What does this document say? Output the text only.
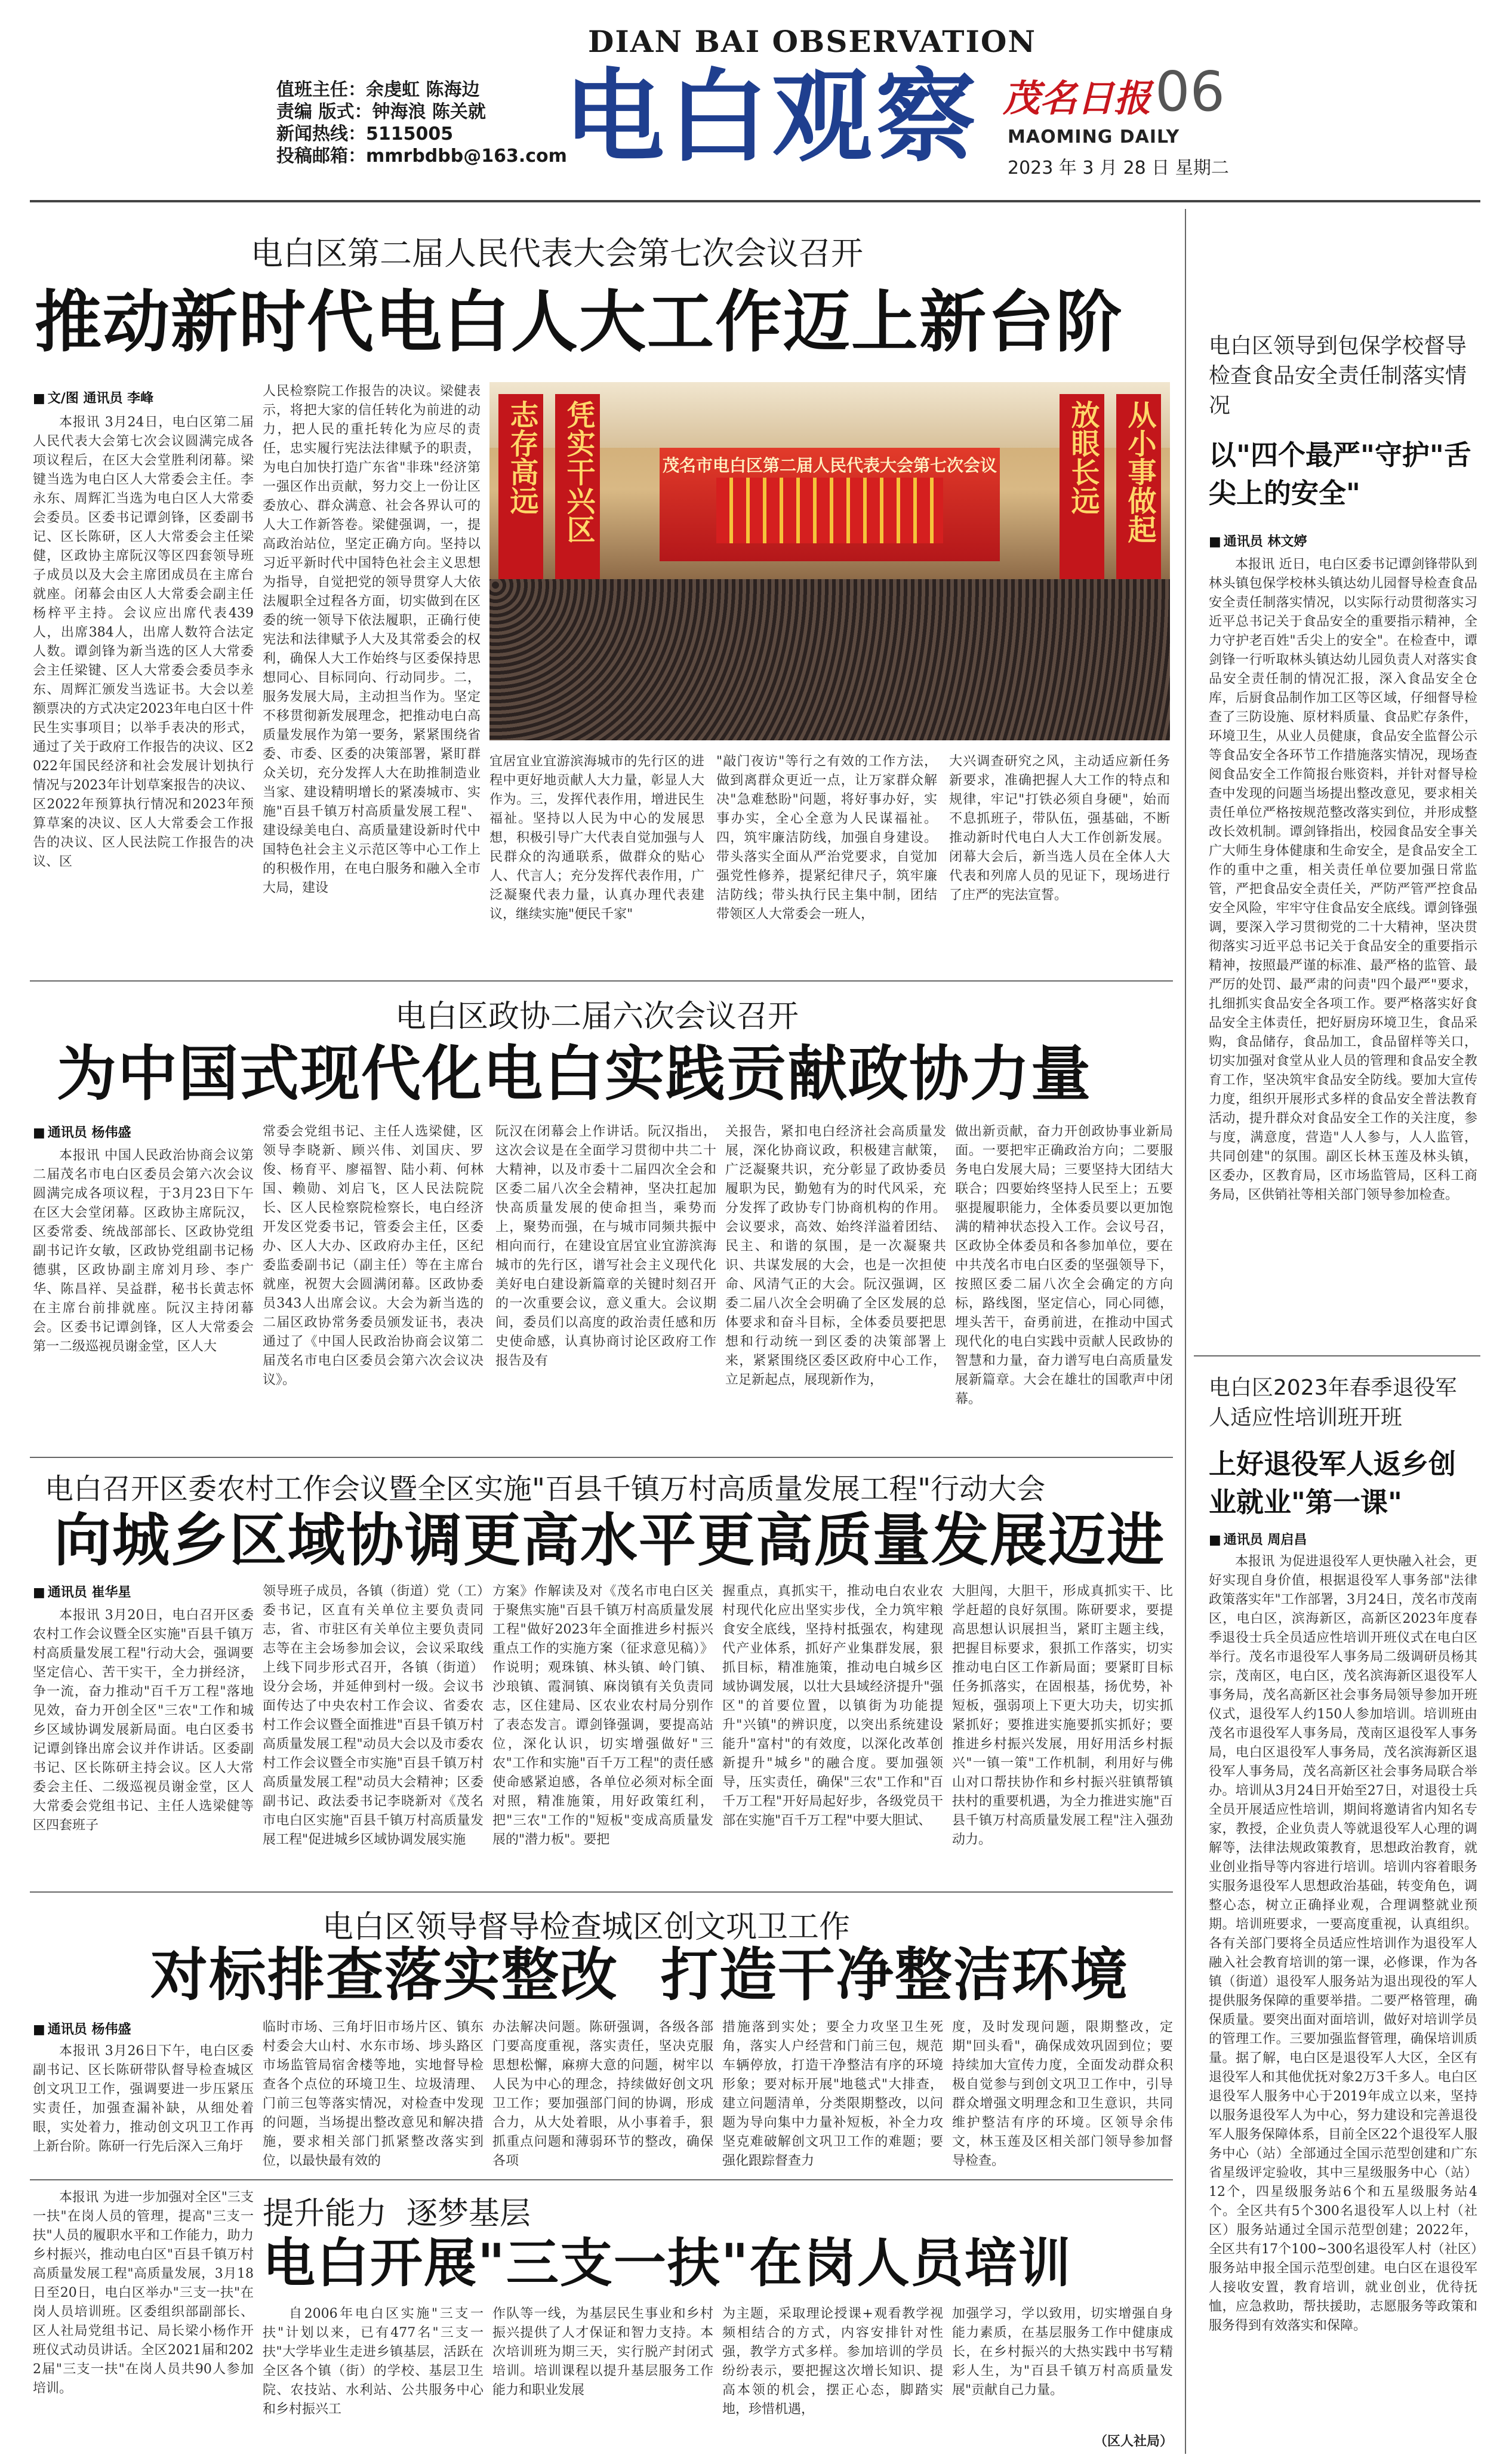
DIAN BAI OBSERVATION
值班主任：余虔虹 陈海边
责编 版式：钟海浪 陈关就
新闻热线：5115005
投稿邮箱：mmrbdbb@163.com
电白观察 茂名日报 06
MAOMING DAILY
2023 年 3 月 28 日 星期二
电白区第二届人民代表大会第七次会议召开
推动新时代电白人大工作迈上新台阶
■ 文/图 通讯员 李峰

本报讯 3月24日，电白区第二届人民代表大会第七次会议圆满完成各项议程后，在区大会堂胜利闭幕。梁键当选为电白区人大常委会主任。李永东、周辉汇当选为电白区人大常委会委员。区委书记谭剑锋，区委副书记、区长陈研，区人大常委会主任梁健，区政协主席阮汉等区四套领导班子成员以及大会主席团成员在主席台就座。闭幕会由区人大常委会副主任杨梓平主持。会议应出席代表439人，出席384人，出席人数符合法定人数。谭剑锋为新当选的区人大常委会主任梁键、区人大常委会委员李永东、周辉汇颁发当选证书。大会以差额票决的方式决定2023年电白区十件民生实事项目；以举手表决的形式，通过了关于政府工作报告的决议、区2022年国民经济和社会发展计划执行情况与2023年计划草案报告的决议、区2022年预算执行情况和2023年预算草案的决议、区人大常委会工作报告的决议、区人民法院工作报告的决议、区

人民检察院工作报告的决议。梁健表示，将把大家的信任转化为前进的动力，把人民的重托转化为应尽的责任，忠实履行宪法法律赋予的职责，为电白加快打造广东省"非珠"经济第一强区作出贡献，努力交上一份让区委放心、群众满意、社会各界认可的人大工作新答卷。梁健强调，一，提高政治站位，坚定正确方向。坚持以习近平新时代中国特色社会主义思想为指导，自觉把党的领导贯穿人大依法履职全过程各方面，切实做到在区委的统一领导下依法履职，正确行使宪法和法律赋予人大及其常委会的权利，确保人大工作始终与区委保持思想同心、目标同向、行动同步。二，服务发展大局，主动担当作为。坚定不移贯彻新发展理念，把推动电白高质量发展作为第一要务，紧紧围绕省委、市委、区委的决策部署，紧盯群众关切，充分发挥人大在助推制造业当家、建设精明增长的紧凑城市、实施"百县千镇万村高质量发展工程"、建设绿美电白、高质量建设新时代中国特色社会主义示范区等中心工作上的积极作用，在电白服务和融入全市大局，建设

茂名市电白区第二届人民代表大会第七次会议
志存高远 凭实干兴区	放眼长远 从小事做起

宜居宜业宜游滨海城市的先行区的进程中更好地贡献人大力量，彰显人大作为。三，发挥代表作用，增进民生福祉。坚持以人民为中心的发展思想，积极引导广大代表自觉加强与人民群众的沟通联系，做群众的贴心人、代言人；充分发挥代表作用，广泛凝聚代表力量，认真办理代表建议，继续实施"便民千家"

"敲门夜访"等行之有效的工作方法，做到离群众更近一点，让万家群众解决"急难愁盼"问题，将好事办好，实事办实，全心全意为人民谋福祉。四，筑牢廉洁防线，加强自身建设。带头落实全面从严治党要求，自觉加强党性修养，提紧纪律尺子，筑牢廉洁防线；带头执行民主集中制，团结带领区人大常委会一班人，

大兴调查研究之风，主动适应新任务新要求，准确把握人大工作的特点和规律，牢记"打铁必须自身硬"，始而不息抓班子，带队伍，强基础，不断推动新时代电白人大工作创新发展。闭幕大会后，新当选人员在全体人大代表和列席人员的见证下，现场进行了庄严的宪法宣誓。

电白区政协二届六次会议召开
为中国式现代化电白实践贡献政协力量
■ 通讯员 杨伟盛

本报讯 中国人民政治协商会议第二届茂名市电白区委员会第六次会议圆满完成各项议程，于3月23日下午在区大会堂闭幕。区政协主席阮汉，区委常委、统战部部长、区政协党组副书记许女敏，区政协党组副书记杨德骐，区政协副主席刘月珍、李广华、陈昌祥、吴益群，秘书长黄志怀在主席台前排就座。阮汉主持闭幕会。区委书记谭剑锋，区人大常委会第一二级巡视员谢金堂，区人大

常委会党组书记、主任人选梁健，区领导李晓新、顾兴伟、刘国庆、罗俊、杨育平、廖福智、陆小莉、何林国、赖勋、刘启飞，区人民法院院长、区人民检察院检察长，电白经济开发区党委书记，管委会主任，区委办、区人大办、区政府办主任，区纪委监委副书记（副主任）等在主席台就座，祝贺大会圆满闭幕。区政协委员343人出席会议。大会为新当选的二届区政协常务委员颁发证书，表决通过了《中国人民政治协商会议第二届茂名市电白区委员会第六次会议决议》。

阮汉在闭幕会上作讲话。阮汉指出，这次会议是在全面学习贯彻中共二十大精神，以及市委十二届四次全会和区委二届八次全会精神，坚决扛起加快高质量发展的使命担当，乘势而上，聚势而强，在与城市同频共振中相向而行，在建设宜居宜业宜游滨海城市的先行区，谱写社会主义现代化美好电白建设新篇章的关键时刻召开的一次重要会议，意义重大。会议期间，委员们以高度的政治责任感和历史使命感，认真协商讨论区政府工作报告及有

关报告，紧扣电白经济社会高质量发展，深化协商议政，积极建言献策，广泛凝聚共识，充分彰显了政协委员履职为民，勤勉有为的时代风采，充分发挥了政协专门协商机构的作用。会议要求，高效、始终洋溢着团结、民主、和谐的氛围，是一次凝聚共识、共谋发展的大会，也是一次担使命、风清气正的大会。阮汉强调，区委二届八次全会明确了全区发展的总体要求和奋斗目标，全体委员要把思想和行动统一到区委的决策部署上来，紧紧围绕区委区政府中心工作，立足新起点，展现新作为，

做出新贡献，奋力开创政协事业新局面。一要把牢正确政治方向；二要服务电白发展大局；三要坚持大团结大联合；四要始终坚持人民至上；五要驱提履职能力，全体委员要以更加饱满的精神状态投入工作。会议号召，区政协全体委员和各参加单位，要在中共茂名市电白区委的坚强领导下，按照区委二届八次全会确定的方向标，路线图，坚定信心，同心同德，埋头苦干，奋勇前进，在推动中国式现代化的电白实践中贡献人民政协的智慧和力量，奋力谱写电白高质量发展新篇章。大会在雄壮的国歌声中闭幕。

电白召开区委农村工作会议暨全区实施"百县千镇万村高质量发展工程"行动大会
向城乡区域协调更高水平更高质量发展迈进
■ 通讯员 崔华星

本报讯 3月20日，电白召开区委农村工作会议暨全区实施"百县千镇万村高质量发展工程"行动大会，强调要坚定信心、苦干实干，全力拼经济，争一流，奋力推动"百千万工程"落地见效，奋力开创全区"三农"工作和城乡区域协调发展新局面。电白区委书记谭剑锋出席会议并作讲话。区委副书记、区长陈研主持会议。区人大常委会主任、二级巡视员谢金堂，区人大常委会党组书记、主任人选梁健等区四套班子

领导班子成员，各镇（街道）党（工）委书记，区直有关单位主要负责同志，省、市驻区有关单位主要负责同志等在主会场参加会议，会议采取线上线下同步形式召开，各镇（街道）设分会场，并延伸到村一级。会议书面传达了中央农村工作会议、省委农村工作会议暨全面推进"百县千镇万村高质量发展工程"动员大会以及市委农村工作会议暨全市实施"百县千镇万村高质量发展工程"动员大会精神；区委副书记、政法委书记李晓新对《茂名市电白区实施"百县千镇万村高质量发展工程"促进城乡区域协调发展实施

方案》作解读及对《茂名市电白区关于聚焦实施"百县千镇万村高质量发展工程"做好2023年全面推进乡村振兴重点工作的实施方案（征求意见稿）》作说明；观珠镇、林头镇、岭门镇、沙琅镇、霞洞镇、麻岗镇有关负责同志，区住建局、区农业农村局分别作了表态发言。谭剑锋强调，要提高站位，深化认识，切实增强做好"三农"工作和实施"百千万工程"的责任感使命感紧迫感，各单位必须对标全面对照，精准施策，用好政策红利，把"三农"工作的"短板"变成高质量发展的"潜力板"。要把

握重点，真抓实干，推动电白农业农村现代化应出坚实步伐，全力筑牢粮食安全底线，坚持村抵强农，构建现代产业体系，抓好产业集群发展，狠抓目标，精准施策，推动电白城乡区域协调发展，以壮大县域经济提升"强区"的首要位置，以镇街为功能提升"兴镇"的辨识度，以突出系统建设能升"富村"的有效度，以深化改革创新提升"城乡"的融合度。要加强领导，压实责任，确保"三农"工作和"百千万工程"开好局起好步，各级党员干部在实施"百千万工程"中要大胆试、

大胆闯，大胆干，形成真抓实干、比学赶超的良好氛围。陈研要求，要提高思想认识展担当，紧盯主题主线，把握目标要求，狠抓工作落实，切实推动电白区工作新局面；要紧盯目标任务抓落实，在固根基，扬优势，补短板，强弱项上下更大功夫，切实抓紧抓好；要推进实施要抓实抓好；要推进乡村振兴发展，用好用活乡村振兴"一镇一策"工作机制，利用好与佛山对口帮扶协作和乡村振兴驻镇帮镇扶村的重要机遇，为全力推进实施"百县千镇万村高质量发展工程"注入强劲动力。

电白区领导督导检查城区创文巩卫工作
对标排查落实整改  打造干净整洁环境
■ 通讯员 杨伟盛

本报讯 3月26日下午，电白区委副书记、区长陈研带队督导检查城区创文巩卫工作，强调要进一步压紧压实责任，加强查漏补缺，从细处着眼，实处着力，推动创文巩卫工作再上新台阶。陈研一行先后深入三角圩

临时市场、三角圩旧市场片区、镇东村委会大山村、水东市场、埗头路区市场监管局宿舍楼等地，实地督导检查各个点位的环境卫生、垃圾清理、门前三包等落实情况，对检查中发现的问题，当场提出整改意见和解决措施，要求相关部门抓紧整改落实到位，以最快最有效的

办法解决问题。陈研强调，各级各部门要高度重视，落实责任，坚决克服思想松懈，麻痹大意的问题，树牢以人民为中心的理念，持续做好创文巩卫工作；要加强部门间的协调，形成合力，从大处着眼，从小事着手，狠抓重点问题和薄弱环节的整改，确保各项

措施落到实处；要全力攻坚卫生死角，落实人户经营和门前三包，规范车辆停放，打造干净整洁有序的环境形象；要对标开展"地毯式"大排查，建立问题清单，分类限期整改，以问题为导向集中力量补短板，补全力攻坚克难破解创文巩卫工作的难题；要强化跟踪督查力

度，及时发现问题，限期整改，定期"回头看"，确保成效巩固到位；要持续加大宣传力度，全面发动群众积极自觉参与到创文巩卫工作中，引导群众增强文明理念和卫生意识，共同维护整洁有序的环境。区领导余伟文，林玉莲及区相关部门领导参加督导检查。

本报讯 为进一步加强对全区"三支一扶"在岗人员的管理，提高"三支一扶"人员的履职水平和工作能力，助力乡村振兴，推动电白区"百县千镇万村高质量发展工程"高质量发展，3月18日至20日，电白区举办"三支一扶"在岗人员培训班。区委组织部副部长、区人社局党组书记、局长梁小杨作开班仪式动员讲话。全区2021届和2022届"三支一扶"在岗人员共90人参加培训。

提升能力  逐梦基层
电白开展"三支一扶"在岗人员培训

自2006年电白区实施"三支一扶"计划以来，已有477名"三支一扶"大学毕业生走进乡镇基层，活跃在全区各个镇（街）的学校、基层卫生院、农技站、水利站、公共服务中心和乡村振兴工

作队等一线，为基层民生事业和乡村振兴提供了人才保证和智力支持。本次培训班为期三天，实行脱产封闭式培训。培训课程以提升基层服务工作能力和职业发展

为主题，采取理论授课+观看教学视频相结合的方式，内容安排针对性强，教学方式多样。参加培训的学员纷纷表示，要把握这次增长知识、提高本领的机会，摆正心态，脚踏实地，珍惜机遇，

加强学习，学以致用，切实增强自身能力素质，在基层服务工作中健康成长，在乡村振兴的大热实践中书写精彩人生，为"百县千镇万村高质量发展"贡献自己力量。

（区人社局）
电白区领导到包保学校督导检查食品安全责任制落实情况
以"四个最严"守护"舌尖上的安全"
■ 通讯员 林文婷

本报讯 近日，电白区委书记谭剑锋带队到林头镇包保学校林头镇达幼儿园督导检查食品安全责任制落实情况，以实际行动贯彻落实习近平总书记关于食品安全的重要指示精神，全力守护老百姓"舌尖上的安全"。在检查中，谭剑锋一行听取林头镇达幼儿园负责人对落实食品安全责任制的情况汇报，深入食品安全仓库，后厨食品制作加工区等区域，仔细督导检查了三防设施、原材料质量、食品贮存条件，环境卫生，从业人员健康，食品安全监督公示等食品安全各环节工作措施落实情况，现场查阅食品安全工作简报台账资料，并针对督导检查中发现的问题当场提出整改意见，要求相关责任单位严格按规范整改落实到位，并形成整改长效机制。谭剑锋指出，校园食品安全事关广大师生身体健康和生命安全，是食品安全工作的重中之重，相关责任单位要加强日常监管，严把食品安全责任关，严防严管严控食品安全风险，牢牢守住食品安全底线。谭剑锋强调，要深入学习贯彻党的二十大精神，坚决贯彻落实习近平总书记关于食品安全的重要指示精神，按照最严谨的标准、最严格的监管、最严厉的处罚、最严肃的问责"四个最严"要求，扎细抓实食品安全各项工作。要严格落实好食品安全主体责任，把好厨房环境卫生，食品采购，食品储存，食品加工，食品留样等关口，切实加强对食堂从业人员的管理和食品安全教育工作，坚决筑牢食品安全防线。要加大宣传力度，组织开展形式多样的食品安全普法教育活动，提升群众对食品安全工作的关注度，参与度，满意度，营造"人人参与，人人监管，共同创建"的氛围。副区长林玉莲及林头镇，区委办，区教育局，区市场监管局，区科工商务局，区供销社等相关部门领导参加检查。

电白区2023年春季退役军人适应性培训班开班
上好退役军人返乡创业就业"第一课"
■ 通讯员 周启昌

本报讯 为促进退役军人更快融入社会，更好实现自身价值，根据退役军人事务部"法律政策落实年"工作部署，3月24日，茂名市茂南区，电白区，滨海新区，高新区2023年度春季退役士兵全员适应性培训开班仪式在电白区举行。茂名市退役军人事务局二级调研员杨其宗，茂南区，电白区，茂名滨海新区退役军人事务局，茂名高新区社会事务局领导参加开班仪式，退役军人约150人参加培训。培训班由茂名市退役军人事务局，茂南区退役军人事务局，电白区退役军人事务局，茂名滨海新区退役军人事务局，茂名高新区社会事务局联合举办。培训从3月24日开始至27日，对退役士兵全员开展适应性培训，期间将邀请省内知名专家，教授，企业负责人等就退役军人心理的调解等，法律法规政策教育，思想政治教育，就业创业指导等内容进行培训。培训内容着眼务实服务退役军人思想政治基础，转变角色，调整心态，树立正确择业观，合理调整就业预期。培训班要求，一要高度重视，认真组织。各有关部门要将全员适应性培训作为退役军人融入社会教育培训的第一课，必修课，作为各镇（街道）退役军人服务站为退出现役的军人提供服务保障的重要举措。二要严格管理，确保质量。要突出面对面培训，做好对培训学员的管理工作。三要加强监督管理，确保培训质量。据了解，电白区是退役军人大区，全区有退役军人和其他优抚对象2万3千多人。电白区退役军人服务中心于2019年成立以来，坚持以服务退役军人为中心，努力建设和完善退役军人服务保障体系，目前全区22个退役军人服务中心（站）全部通过全国示范型创建和广东省星级评定验收，其中三星级服务中心（站）12个，四星级服务站6个和五星级服务站4个。全区共有5个300名退役军人以上村（社区）服务站通过全国示范型创建；2022年，全区共有17个100~300名退役军人村（社区）服务站申报全国示范型创建。电白区在退役军人接收安置，教育培训，就业创业，优待抚恤，应急救助，帮扶援助，志愿服务等政策和服务得到有效落实和保障。
